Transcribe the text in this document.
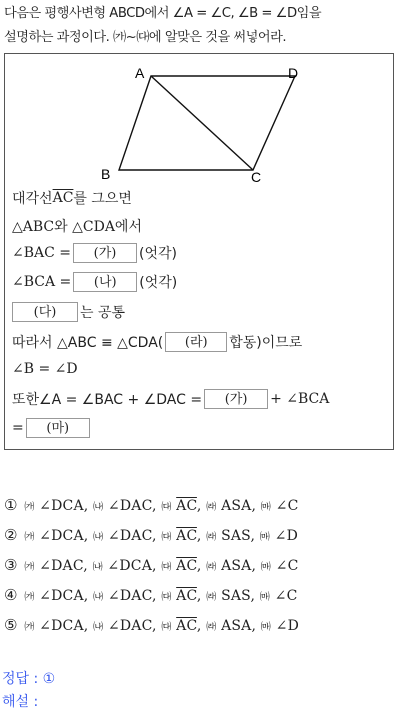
다음은 평행사변형 ABCD에서 ∠A = ∠C, ∠B = ∠D임을
설명하는 과정이다. ㈎~㈐에 알맞은 것을 써넣어라.
A	D
B	C
대각선 $\overline{AC}$ 를 그으면
△ABC와 △CDA에서
∠BAC =	(가)	(엇각)
∠BCA =	(나)	(엇각)
(다)	는 공통
따라서 △ABC ≡ △CDA(	(라)	합동)이므로
∠B = ∠D
또한∠A = ∠BAC + ∠DAC =	(가)	+ ∠BCA
=	(마)
① ㈎ ∠DCA, ㈏ ∠DAC, ㈐ $\overline{AC}$, ㈑ ASA, ㈒ ∠C
② ㈎ ∠DCA, ㈏ ∠DAC, ㈐ $\overline{AC}$, ㈑ SAS, ㈒ ∠D
③ ㈎ ∠DAC, ㈏ ∠DCA, ㈐ $\overline{AC}$, ㈑ ASA, ㈒ ∠C
④ ㈎ ∠DCA, ㈏ ∠DAC, ㈐ $\overline{AC}$, ㈑ SAS, ㈒ ∠C
⑤ ㈎ ∠DCA, ㈏ ∠DAC, ㈐ $\overline{AC}$, ㈑ ASA, ㈒ ∠D
정답 : ①
해설 :
